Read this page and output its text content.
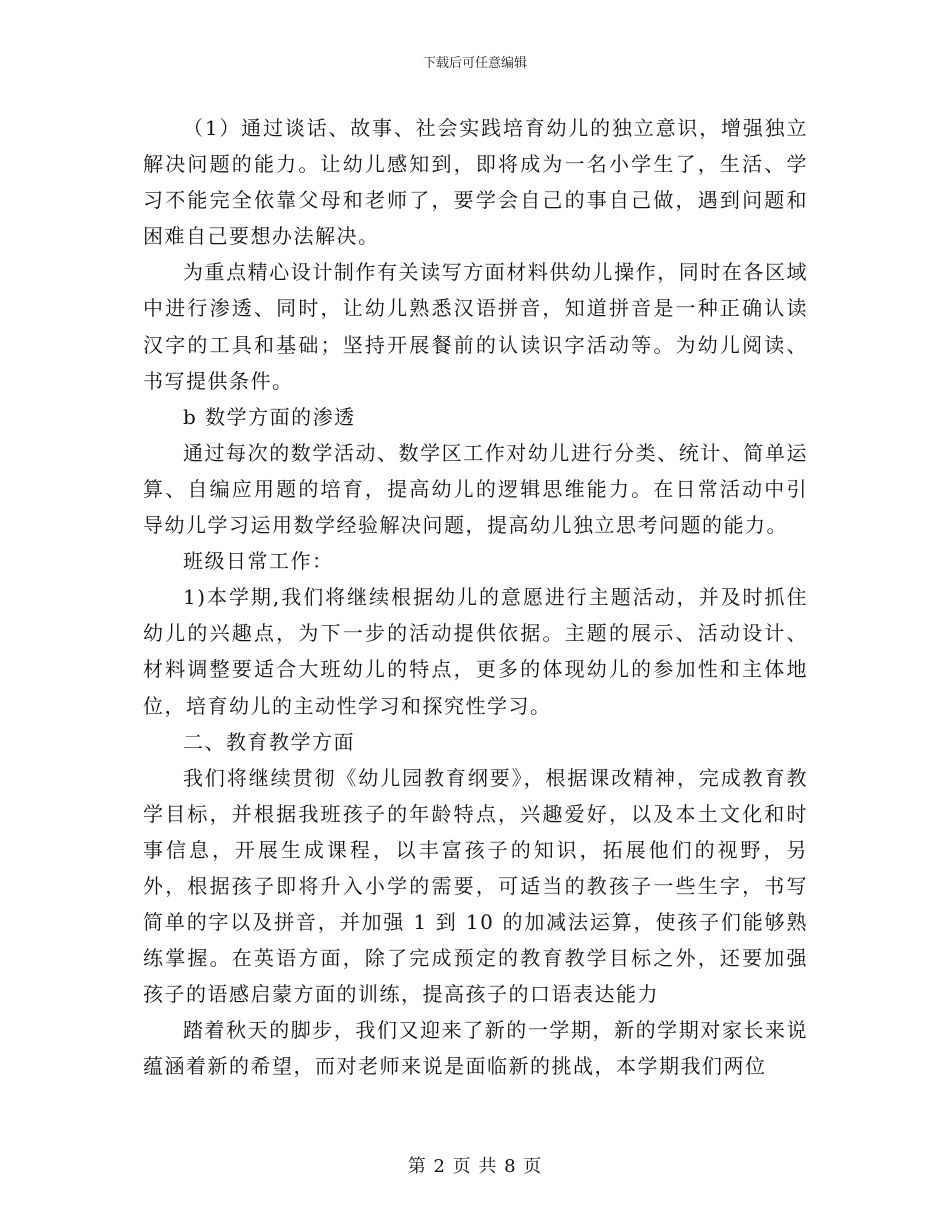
下载后可任意编辑

（1）通过谈话、故事、社会实践培育幼儿的独立意识，增强独立解决问题的能力。让幼儿感知到，即将成为一名小学生了，生活、学习不能完全依靠父母和老师了，要学会自己的事自己做，遇到问题和困难自己要想办法解决。

为重点精心设计制作有关读写方面材料供幼儿操作，同时在各区域中进行渗透、同时，让幼儿熟悉汉语拼音，知道拼音是一种正确认读汉字的工具和基础；坚持开展餐前的认读识字活动等。为幼儿阅读、书写提供条件。

b 数学方面的渗透

通过每次的数学活动、数学区工作对幼儿进行分类、统计、简单运算、自编应用题的培育，提高幼儿的逻辑思维能力。在日常活动中引导幼儿学习运用数学经验解决问题，提高幼儿独立思考问题的能力。

班级日常工作：

1)本学期,我们将继续根据幼儿的意愿进行主题活动，并及时抓住幼儿的兴趣点，为下一步的活动提供依据。主题的展示、活动设计、材料调整要适合大班幼儿的特点，更多的体现幼儿的参加性和主体地位，培育幼儿的主动性学习和探究性学习。

二、教育教学方面

我们将继续贯彻《幼儿园教育纲要》，根据课改精神，完成教育教学目标，并根据我班孩子的年龄特点，兴趣爱好，以及本土文化和时事信息，开展生成课程，以丰富孩子的知识，拓展他们的视野，另外，根据孩子即将升入小学的需要，可适当的教孩子一些生字，书写简单的字以及拼音，并加强 1 到 10 的加减法运算，使孩子们能够熟练掌握。在英语方面，除了完成预定的教育教学目标之外，还要加强孩子的语感启蒙方面的训练，提高孩子的口语表达能力

踏着秋天的脚步，我们又迎来了新的一学期，新的学期对家长来说蕴涵着新的希望，而对老师来说是面临新的挑战，本学期我们两位

第 2 页 共 8 页
